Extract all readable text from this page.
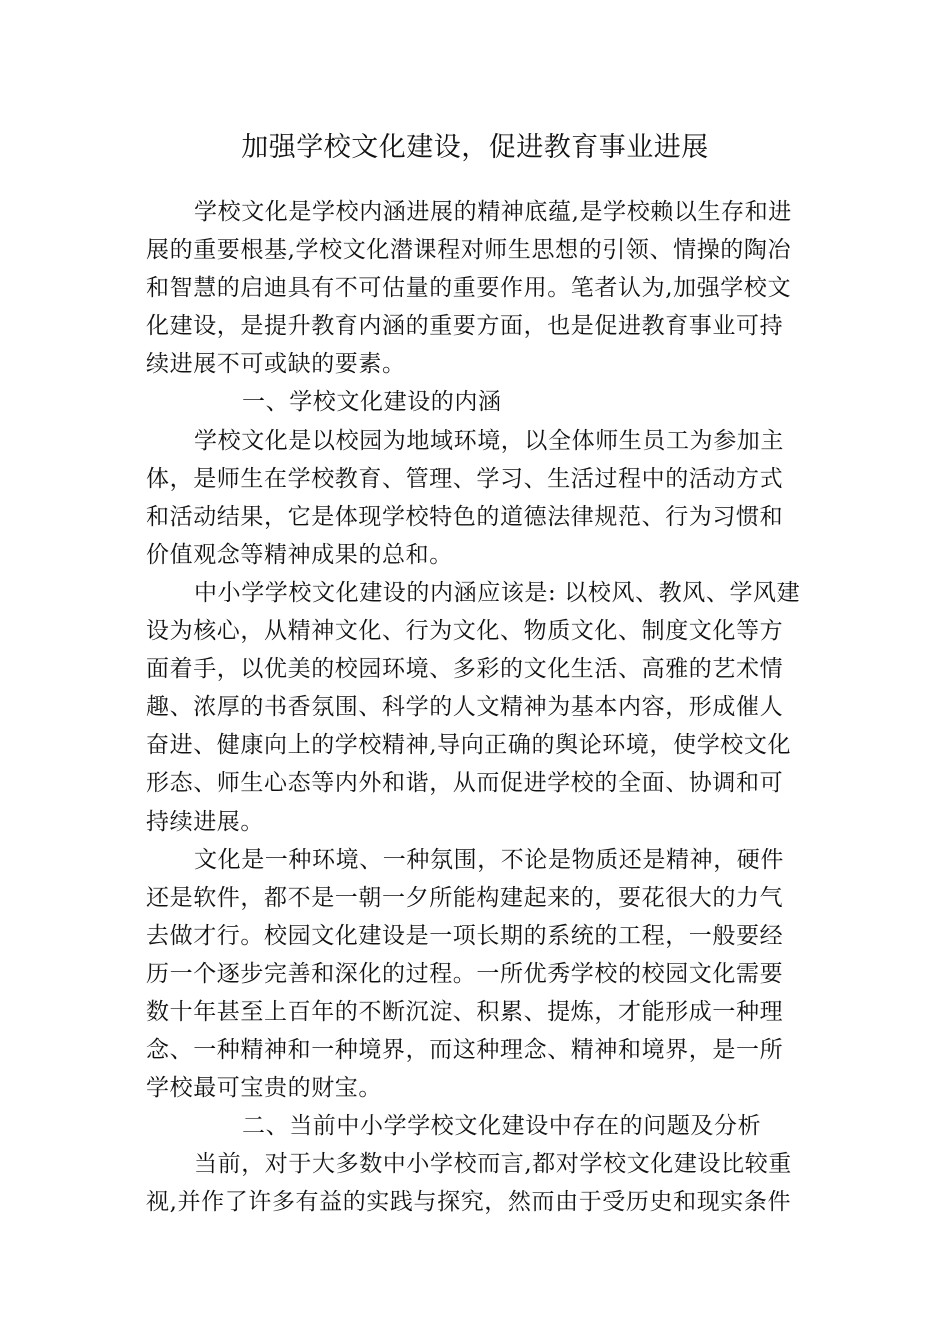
加强学校文化建设，促进教育事业进展
学校文化是学校内涵进展的精神底蕴,是学校赖以生存和进
展的重要根基,学校文化潜课程对师生思想的引领、情操的陶冶
和智慧的启迪具有不可估量的重要作用。笔者认为,加强学校文
化建设，是提升教育内涵的重要方面，也是促进教育事业可持
续进展不可或缺的要素。
一、学校文化建设的内涵
学校文化是以校园为地域环境，以全体师生员工为参加主
体，是师生在学校教育、管理、学习、生活过程中的活动方式
和活动结果，它是体现学校特色的道德法律规范、行为习惯和
价值观念等精神成果的总和。
中小学学校文化建设的内涵应该是: 以校风、教风、学风建
设为核心，从精神文化、行为文化、物质文化、制度文化等方
面着手，以优美的校园环境、多彩的文化生活、高雅的艺术情
趣、浓厚的书香氛围、科学的人文精神为基本内容，形成催人
奋进、健康向上的学校精神,导向正确的舆论环境，使学校文化
形态、师生心态等内外和谐，从而促进学校的全面、协调和可
持续进展。
文化是一种环境、一种氛围，不论是物质还是精神，硬件
还是软件，都不是一朝一夕所能构建起来的，要花很大的力气
去做才行。校园文化建设是一项长期的系统的工程，一般要经
历一个逐步完善和深化的过程。一所优秀学校的校园文化需要
数十年甚至上百年的不断沉淀、积累、提炼，才能形成一种理
念、一种精神和一种境界，而这种理念、精神和境界，是一所
学校最可宝贵的财宝。
二、当前中小学学校文化建设中存在的问题及分析
当前，对于大多数中小学校而言,都对学校文化建设比较重
视,并作了许多有益的实践与探究，然而由于受历史和现实条件
